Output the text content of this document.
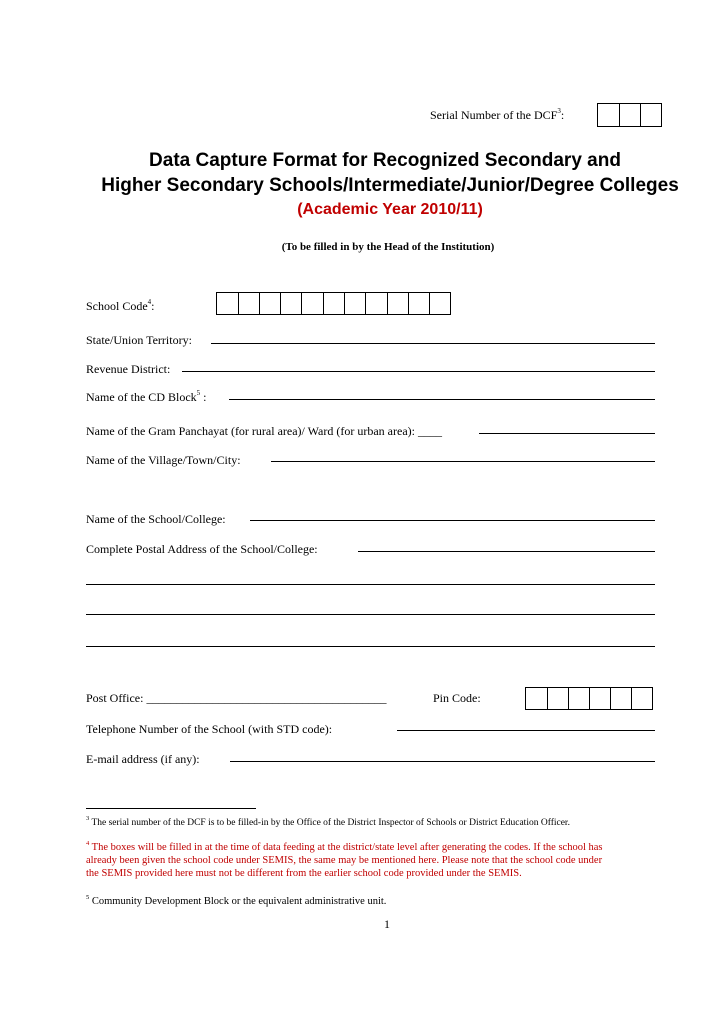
Serial Number of the DCF$^3$:
Data Capture Format for Recognized Secondary and
Higher Secondary Schools/Intermediate/Junior/Degree Colleges
(Academic Year 2010/11)
(To be filled in by the Head of the Institution)
School Code$^4$:
State/Union Territory:
Revenue District:
Name of the CD Block$^5$ :
Name of the Gram Panchayat (for rural area)/ Ward (for urban area): ____
Name of the Village/Town/City:
Name of the School/College:
Complete Postal Address of the School/College:
Post Office: ________________________________________	Pin Code:
Telephone Number of the School (with STD code):
E-mail address (if any):
$^3$ The serial number of the DCF is to be filled-in by the Office of the District Inspector of Schools or District Education Officer.
$^4$ The boxes will be filled in at the time of data feeding at the district/state level after generating the codes. If the school has
already been given the school code under SEMIS, the same may be mentioned here. Please note that the school code under
the SEMIS provided here must not be different from the earlier school code provided under the SEMIS.
$^5$ Community Development Block or the equivalent administrative unit.
1
